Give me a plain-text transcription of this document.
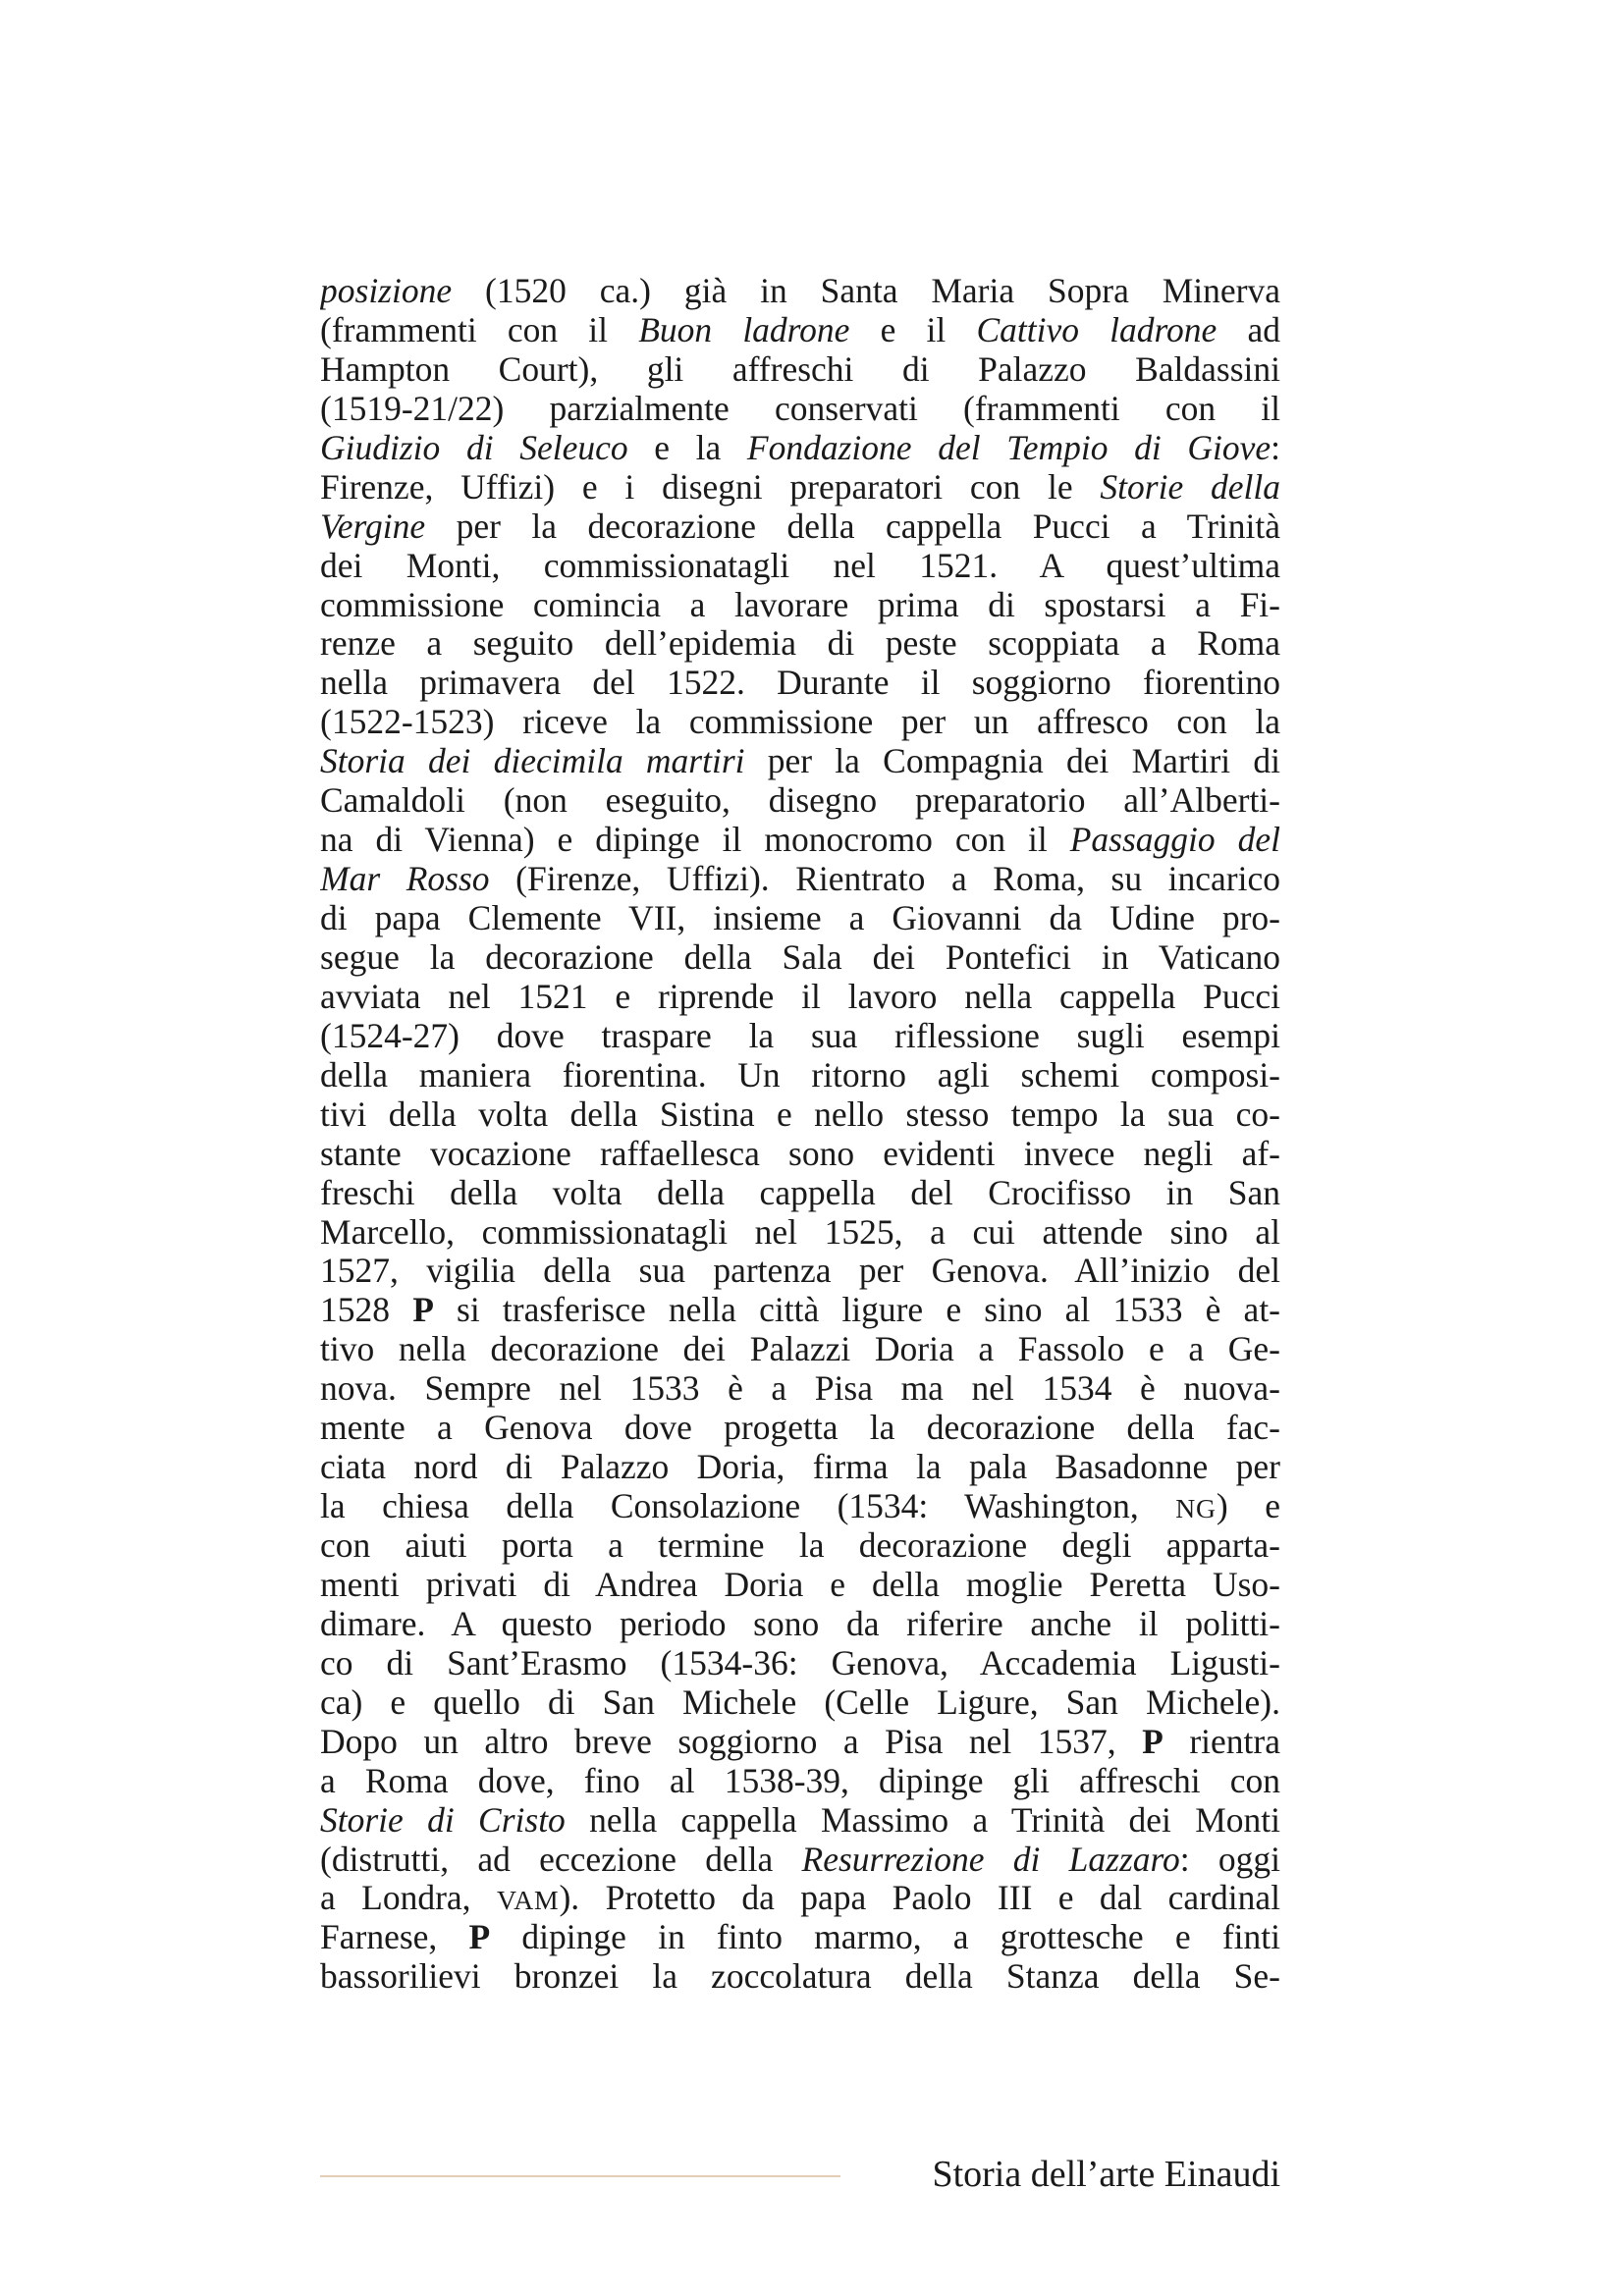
posizione (1520 ca.) già in Santa Maria Sopra Minerva
(frammenti con il Buon ladrone e il Cattivo ladrone ad
Hampton Court), gli affreschi di Palazzo Baldassini
(1519-21/22) parzialmente conservati (frammenti con il
Giudizio di Seleuco e la Fondazione del Tempio di Giove:
Firenze, Uffizi) e i disegni preparatori con le Storie della
Vergine per la decorazione della cappella Pucci a Trinità
dei Monti, commissionatagli nel 1521. A quest’ultima
commissione comincia a lavorare prima di spostarsi a Fi-
renze a seguito dell’epidemia di peste scoppiata a Roma
nella primavera del 1522. Durante il soggiorno fiorentino
(1522-1523) riceve la commissione per un affresco con la
Storia dei diecimila martiri per la Compagnia dei Martiri di
Camaldoli (non eseguito, disegno preparatorio all’Alberti-
na di Vienna) e dipinge il monocromo con il Passaggio del
Mar Rosso (Firenze, Uffizi). Rientrato a Roma, su incarico
di papa Clemente VII, insieme a Giovanni da Udine pro-
segue la decorazione della Sala dei Pontefici in Vaticano
avviata nel 1521 e riprende il lavoro nella cappella Pucci
(1524-27) dove traspare la sua riflessione sugli esempi
della maniera fiorentina. Un ritorno agli schemi composi-
tivi della volta della Sistina e nello stesso tempo la sua co-
stante vocazione raffaellesca sono evidenti invece negli af-
freschi della volta della cappella del Crocifisso in San
Marcello, commissionatagli nel 1525, a cui attende sino al
1527, vigilia della sua partenza per Genova. All’inizio del
1528 P si trasferisce nella città ligure e sino al 1533 è at-
tivo nella decorazione dei Palazzi Doria a Fassolo e a Ge-
nova. Sempre nel 1533 è a Pisa ma nel 1534 è nuova-
mente a Genova dove progetta la decorazione della fac-
ciata nord di Palazzo Doria, firma la pala Basadonne per
la chiesa della Consolazione (1534: Washington, NG) e
con aiuti porta a termine la decorazione degli apparta-
menti privati di Andrea Doria e della moglie Peretta Uso-
dimare. A questo periodo sono da riferire anche il politti-
co di Sant’Erasmo (1534-36: Genova, Accademia Ligusti-
ca) e quello di San Michele (Celle Ligure, San Michele).
Dopo un altro breve soggiorno a Pisa nel 1537, P rientra
a Roma dove, fino al 1538-39, dipinge gli affreschi con
Storie di Cristo nella cappella Massimo a Trinità dei Monti
(distrutti, ad eccezione della Resurrezione di Lazzaro: oggi
a Londra, VAM). Protetto da papa Paolo III e dal cardinal
Farnese, P dipinge in finto marmo, a grottesche e finti
bassorilievi bronzei la zoccolatura della Stanza della Se-
Storia dell’arte Einaudi
